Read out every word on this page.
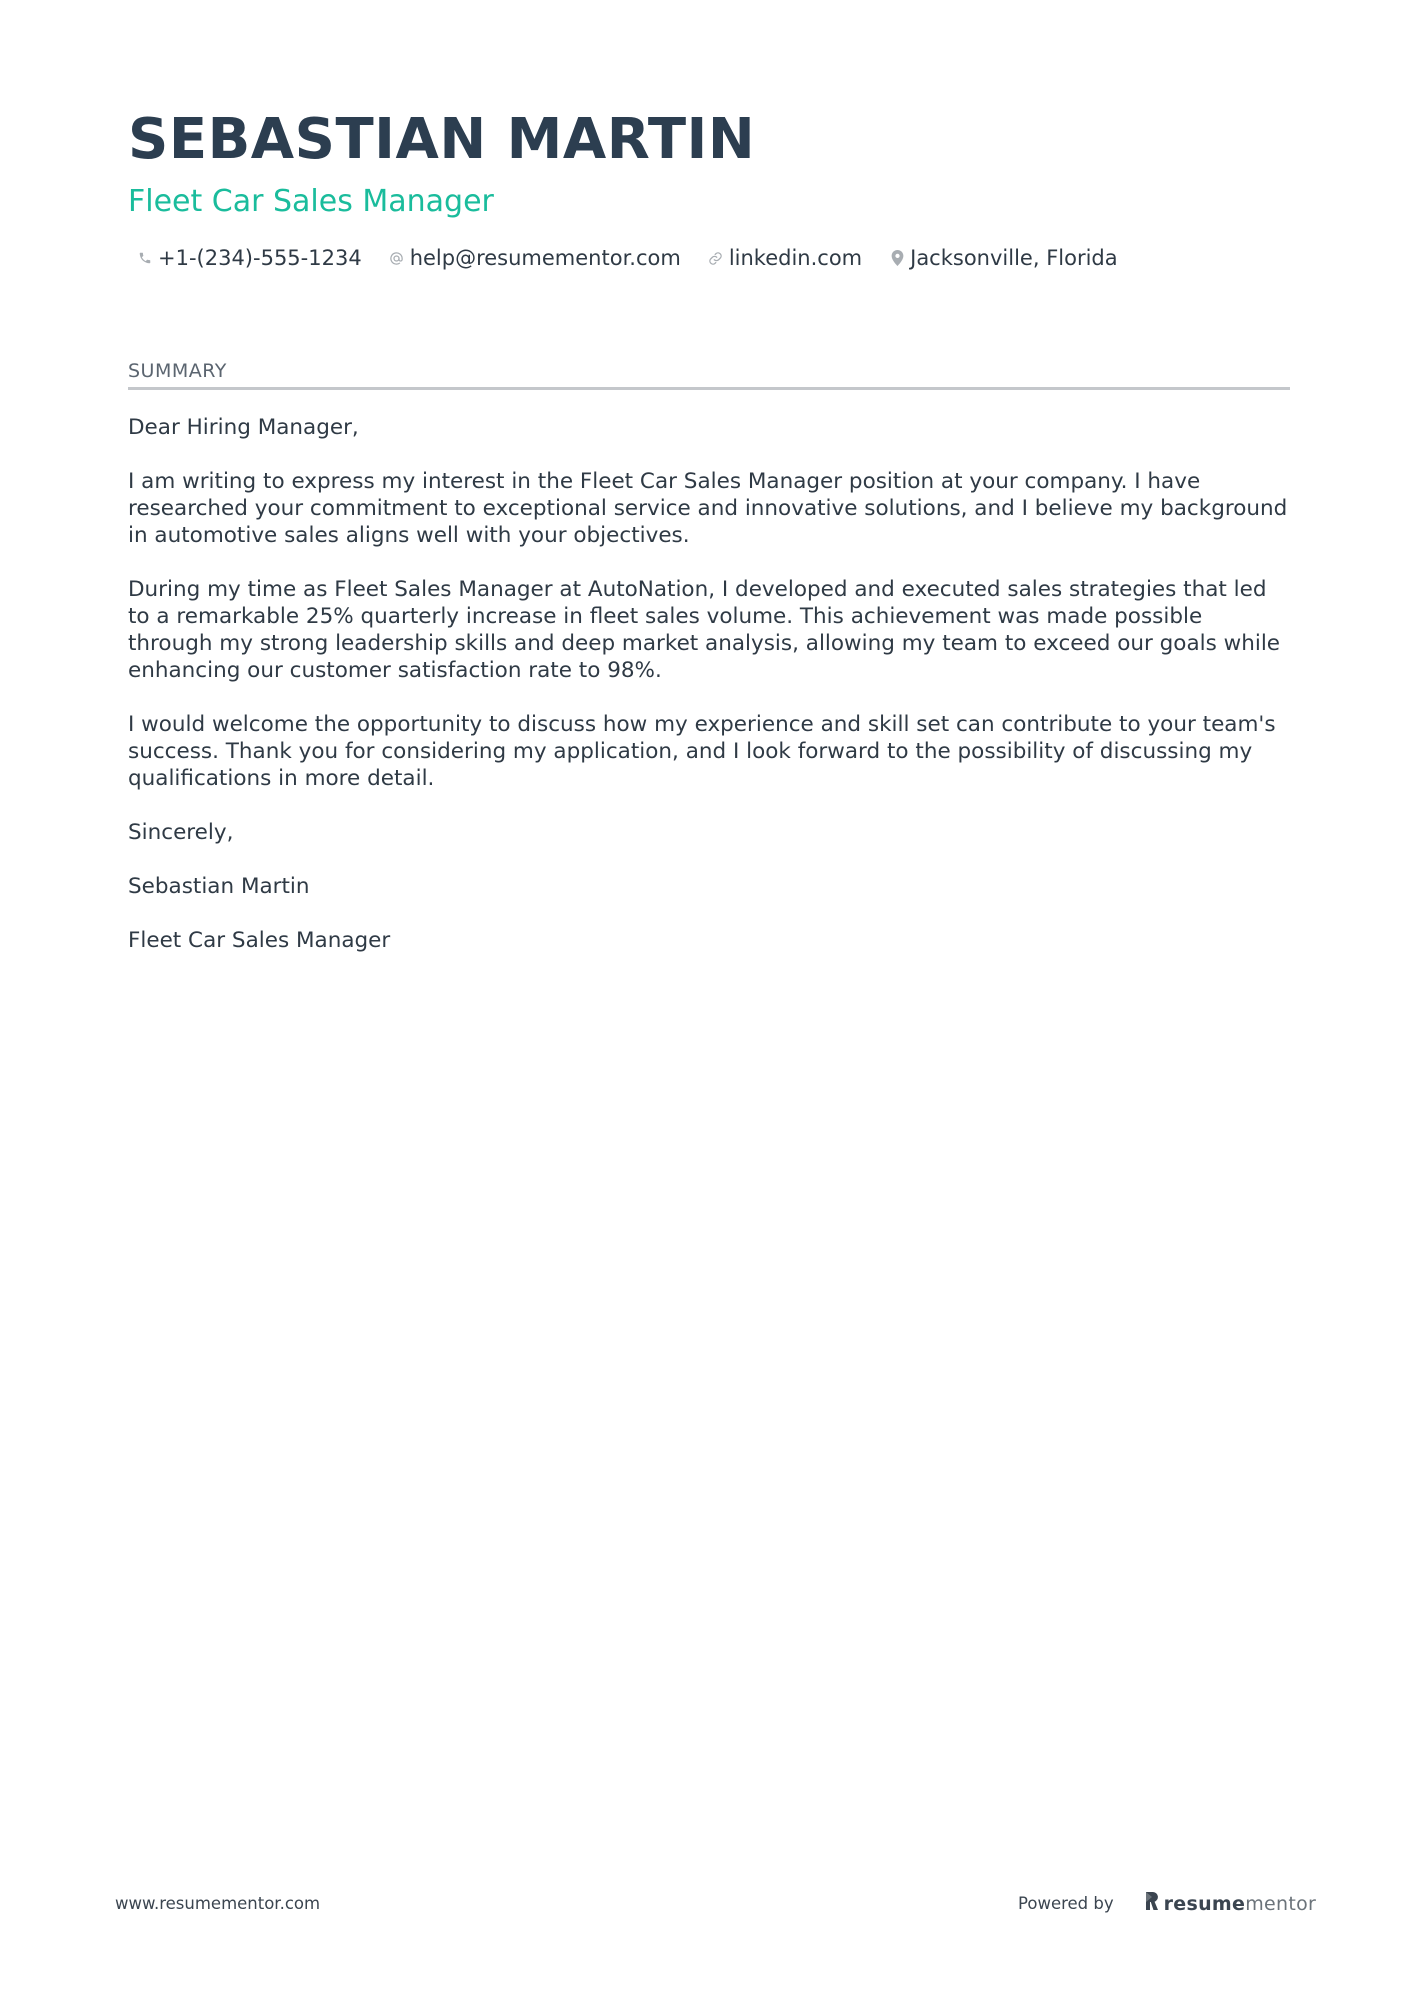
SEBASTIAN MARTIN
Fleet Car Sales Manager
+1-(234)-555-1234 help@resumementor.com linkedin.com Jacksonville, Florida
SUMMARY

Dear Hiring Manager,

I am writing to express my interest in the Fleet Car Sales Manager position at your company. I have researched your commitment to exceptional service and innovative solutions, and I believe my background in automotive sales aligns well with your objectives.

During my time as Fleet Sales Manager at AutoNation, I developed and executed sales strategies that led to a remarkable 25% quarterly increase in fleet sales volume. This achievement was made possible through my strong leadership skills and deep market analysis, allowing my team to exceed our goals while enhancing our customer satisfaction rate to 98%.

I would welcome the opportunity to discuss how my experience and skill set can contribute to your team's success. Thank you for considering my application, and I look forward to the possibility of discussing my qualifications in more detail.

Sincerely,

Sebastian Martin

Fleet Car Sales Manager

www.resumementor.com	Powered by	resume mentor
